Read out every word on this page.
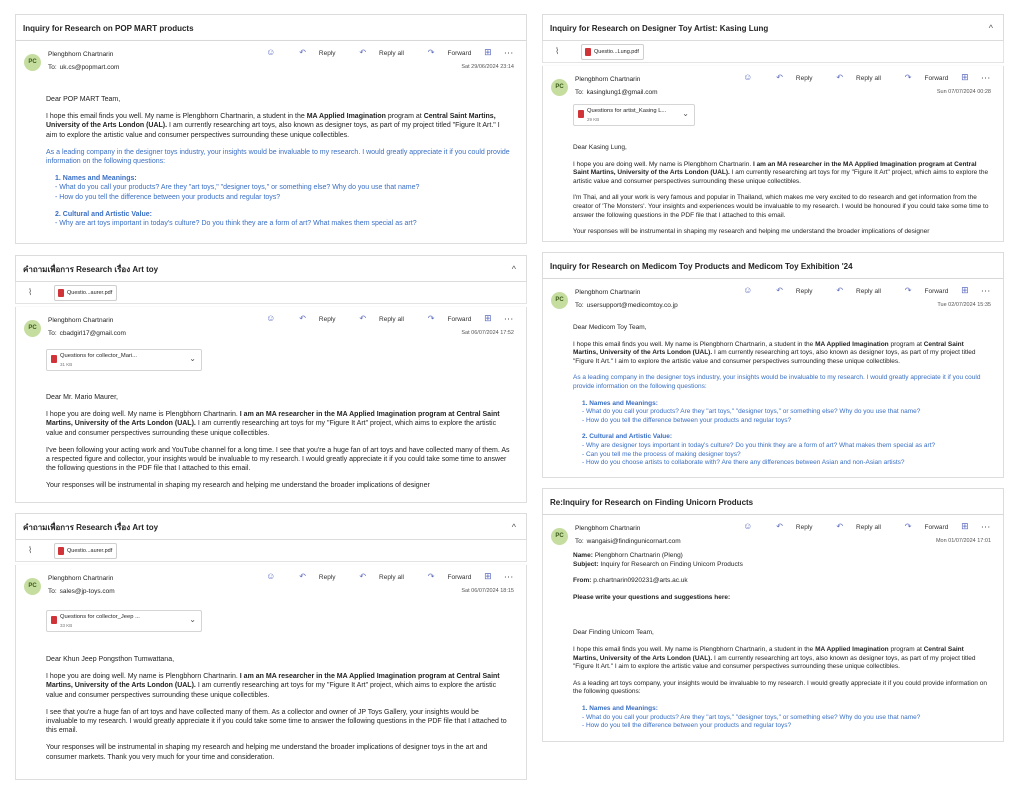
Inquiry for Research on POP MART products
PC
Plengbhorn Chartnarin
To: uk.cs@popmart.com	Sat 29/06/2024 23:14
☺	↶ Reply	↶ Reply all	↷ Forward ⊞ ···

Dear POP MART Team,

I hope this email finds you well. My name is Plengbhorn Chartnarin, a student in the MA Applied Imagination program at Central Saint Martins, University of the Arts London (UAL). I am currently researching art toys, also known as designer toys, as part of my project titled "Figure It Art." I aim to explore the artistic value and consumer perspectives surrounding these unique collectibles.

As a leading company in the designer toys industry, your insights would be invaluable to my research. I would greatly appreciate it if you could provide information on the following questions:

1. Names and Meanings:
- What do you call your products? Are they "art toys," "designer toys," or something else? Why do you use that name?
- How do you tell the difference between your products and regular toys?
2. Cultural and Artistic Value:
- Why are art toys important in today's culture? Do you think they are a form of art? What makes them special as art?
คำถามเพื่อการ Research เรื่อง Art toy	^
⌇	Questio...aurer.pdf
PC
Plengbhorn Chartnarin
To: cbadgirl17@gmail.com	Sat 06/07/2024 17:52
☺	↶ Reply	↶ Reply all	↷ Forward ⊞ ···
Questions for collector_Mari...
31 KB
⌄

Dear Mr. Mario Maurer,

I hope you are doing well. My name is Plengbhorn Chartnarin. I am an MA researcher in the MA Applied Imagination program at Central Saint Martins, University of the Arts London (UAL). I am currently researching art toys for my "Figure It Art" project, which aims to explore the artistic value and consumer perspectives surrounding these unique collectibles.

I've been following your acting work and YouTube channel for a long time. I see that you're a huge fan of art toys and have collected many of them. As a respected figure and collector, your insights would be invaluable to my research. I would greatly appreciate it if you could take some time to answer the following questions in the PDF file that I attached to this email.

Your responses will be instrumental in shaping my research and helping me understand the broader implications of designer

คำถามเพื่อการ Research เรื่อง Art toy	^
⌇	Questio...aurer.pdf
PC
Plengbhorn Chartnarin
To: sales@jp-toys.com	Sat 06/07/2024 18:15
☺	↶ Reply	↶ Reply all	↷ Forward ⊞ ···
Questions for collector_Jeep ...
33 KB
⌄

Dear Khun Jeep Pongsthon Tumwattana,

I hope you are doing well. My name is Plengbhorn Chartnarin. I am an MA researcher in the MA Applied Imagination program at Central Saint Martins, University of the Arts London (UAL). I am currently researching art toys for my "Figure It Art" project, which aims to explore the artistic value and consumer perspectives surrounding these unique collectibles.

I see that you're a huge fan of art toys and have collected many of them. As a collector and owner of JP Toys Gallery, your insights would be invaluable to my research. I would greatly appreciate it if you could take some time to answer the following questions in the PDF file that I attached to this email.

Your responses will be instrumental in shaping my research and helping me understand the broader implications of designer toys in the art and consumer markets. Thank you very much for your time and consideration.

Inquiry for Research on Designer Toy Artist: Kasing Lung	^
⌇	Questio...Lung.pdf
PC
Plengbhorn Chartnarin
To: kasinglung1@gmail.com	Sun 07/07/2024 00:28
☺	↶ Reply	↶ Reply all	↷ Forward ⊞ ···
Questions for artist_Kasing L...
29 KB
⌄

Dear Kasing Lung,

I hope you are doing well. My name is Plengbhorn Chartnarin. I am an MA researcher in the MA Applied Imagination program at Central Saint Martins, University of the Arts London (UAL). I am currently researching art toys for my "Figure It Art" project, which aims to explore the artistic value and consumer perspectives surrounding these unique collectibles.

I'm Thai, and all your work is very famous and popular in Thailand, which makes me very excited to do research and get information from the creator of 'The Monsters'. Your insights and experiences would be invaluable to my research. I would be honoured if you could take some time to answer the following questions in the PDF file that I attached to this email.

Your responses will be instrumental in shaping my research and helping me understand the broader implications of designer

Inquiry for Research on Medicom Toy Products and Medicom Toy Exhibition '24
PC
Plengbhorn Chartnarin
To: usersupport@medicomtoy.co.jp	Tue 02/07/2024 15:35
☺	↶ Reply	↶ Reply all	↷ Forward ⊞ ···

Dear Medicom Toy Team,

I hope this email finds you well. My name is Plengbhorn Chartnarin, a student in the MA Applied Imagination program at Central Saint Martins, University of the Arts London (UAL). I am currently researching art toys, also known as designer toys, as part of my project titled "Figure It Art." I aim to explore the artistic value and consumer perspectives surrounding these unique collectibles.

As a leading company in the designer toys industry, your insights would be invaluable to my research. I would greatly appreciate it if you could provide information on the following questions:

1. Names and Meanings:
- What do you call your products? Are they "art toys," "designer toys," or something else? Why do you use that name?
- How do you tell the difference between your products and regular toys?
2. Cultural and Artistic Value:
- Why are designer toys important in today's culture? Do you think they are a form of art? What makes them special as art?
- Can you tell me the process of making designer toys?
- How do you choose artists to collaborate with? Are there any differences between Asian and non-Asian artists?
Re:Inquiry for Research on Finding Unicorn Products
PC
Plengbhorn Chartnarin
To: wangaisi@findingunicornart.com	Mon 01/07/2024 17:01
☺	↶ Reply	↶ Reply all	↷ Forward ⊞ ···
Name: Plengbhorn Chartnarin (Pleng)
Subject: Inquiry for Research on Finding Unicorn Products
From: p.chartnarin0920231@arts.ac.uk
Please write your questions and suggestions here:

Dear Finding Unicorn Team,

I hope this email finds you well. My name is Plengbhorn Chartnarin, a student in the MA Applied Imagination program at Central Saint Martins, University of the Arts London (UAL). I am currently researching art toys, also known as designer toys, as part of my project titled "Figure It Art." I aim to explore the artistic value and consumer perspectives surrounding these unique collectibles.

As a leading art toys company, your insights would be invaluable to my research. I would greatly appreciate it if you could provide information on the following questions:

1. Names and Meanings:
- What do you call your products? Are they "art toys," "designer toys," or something else? Why do you use that name?
- How do you tell the difference between your products and regular toys?
